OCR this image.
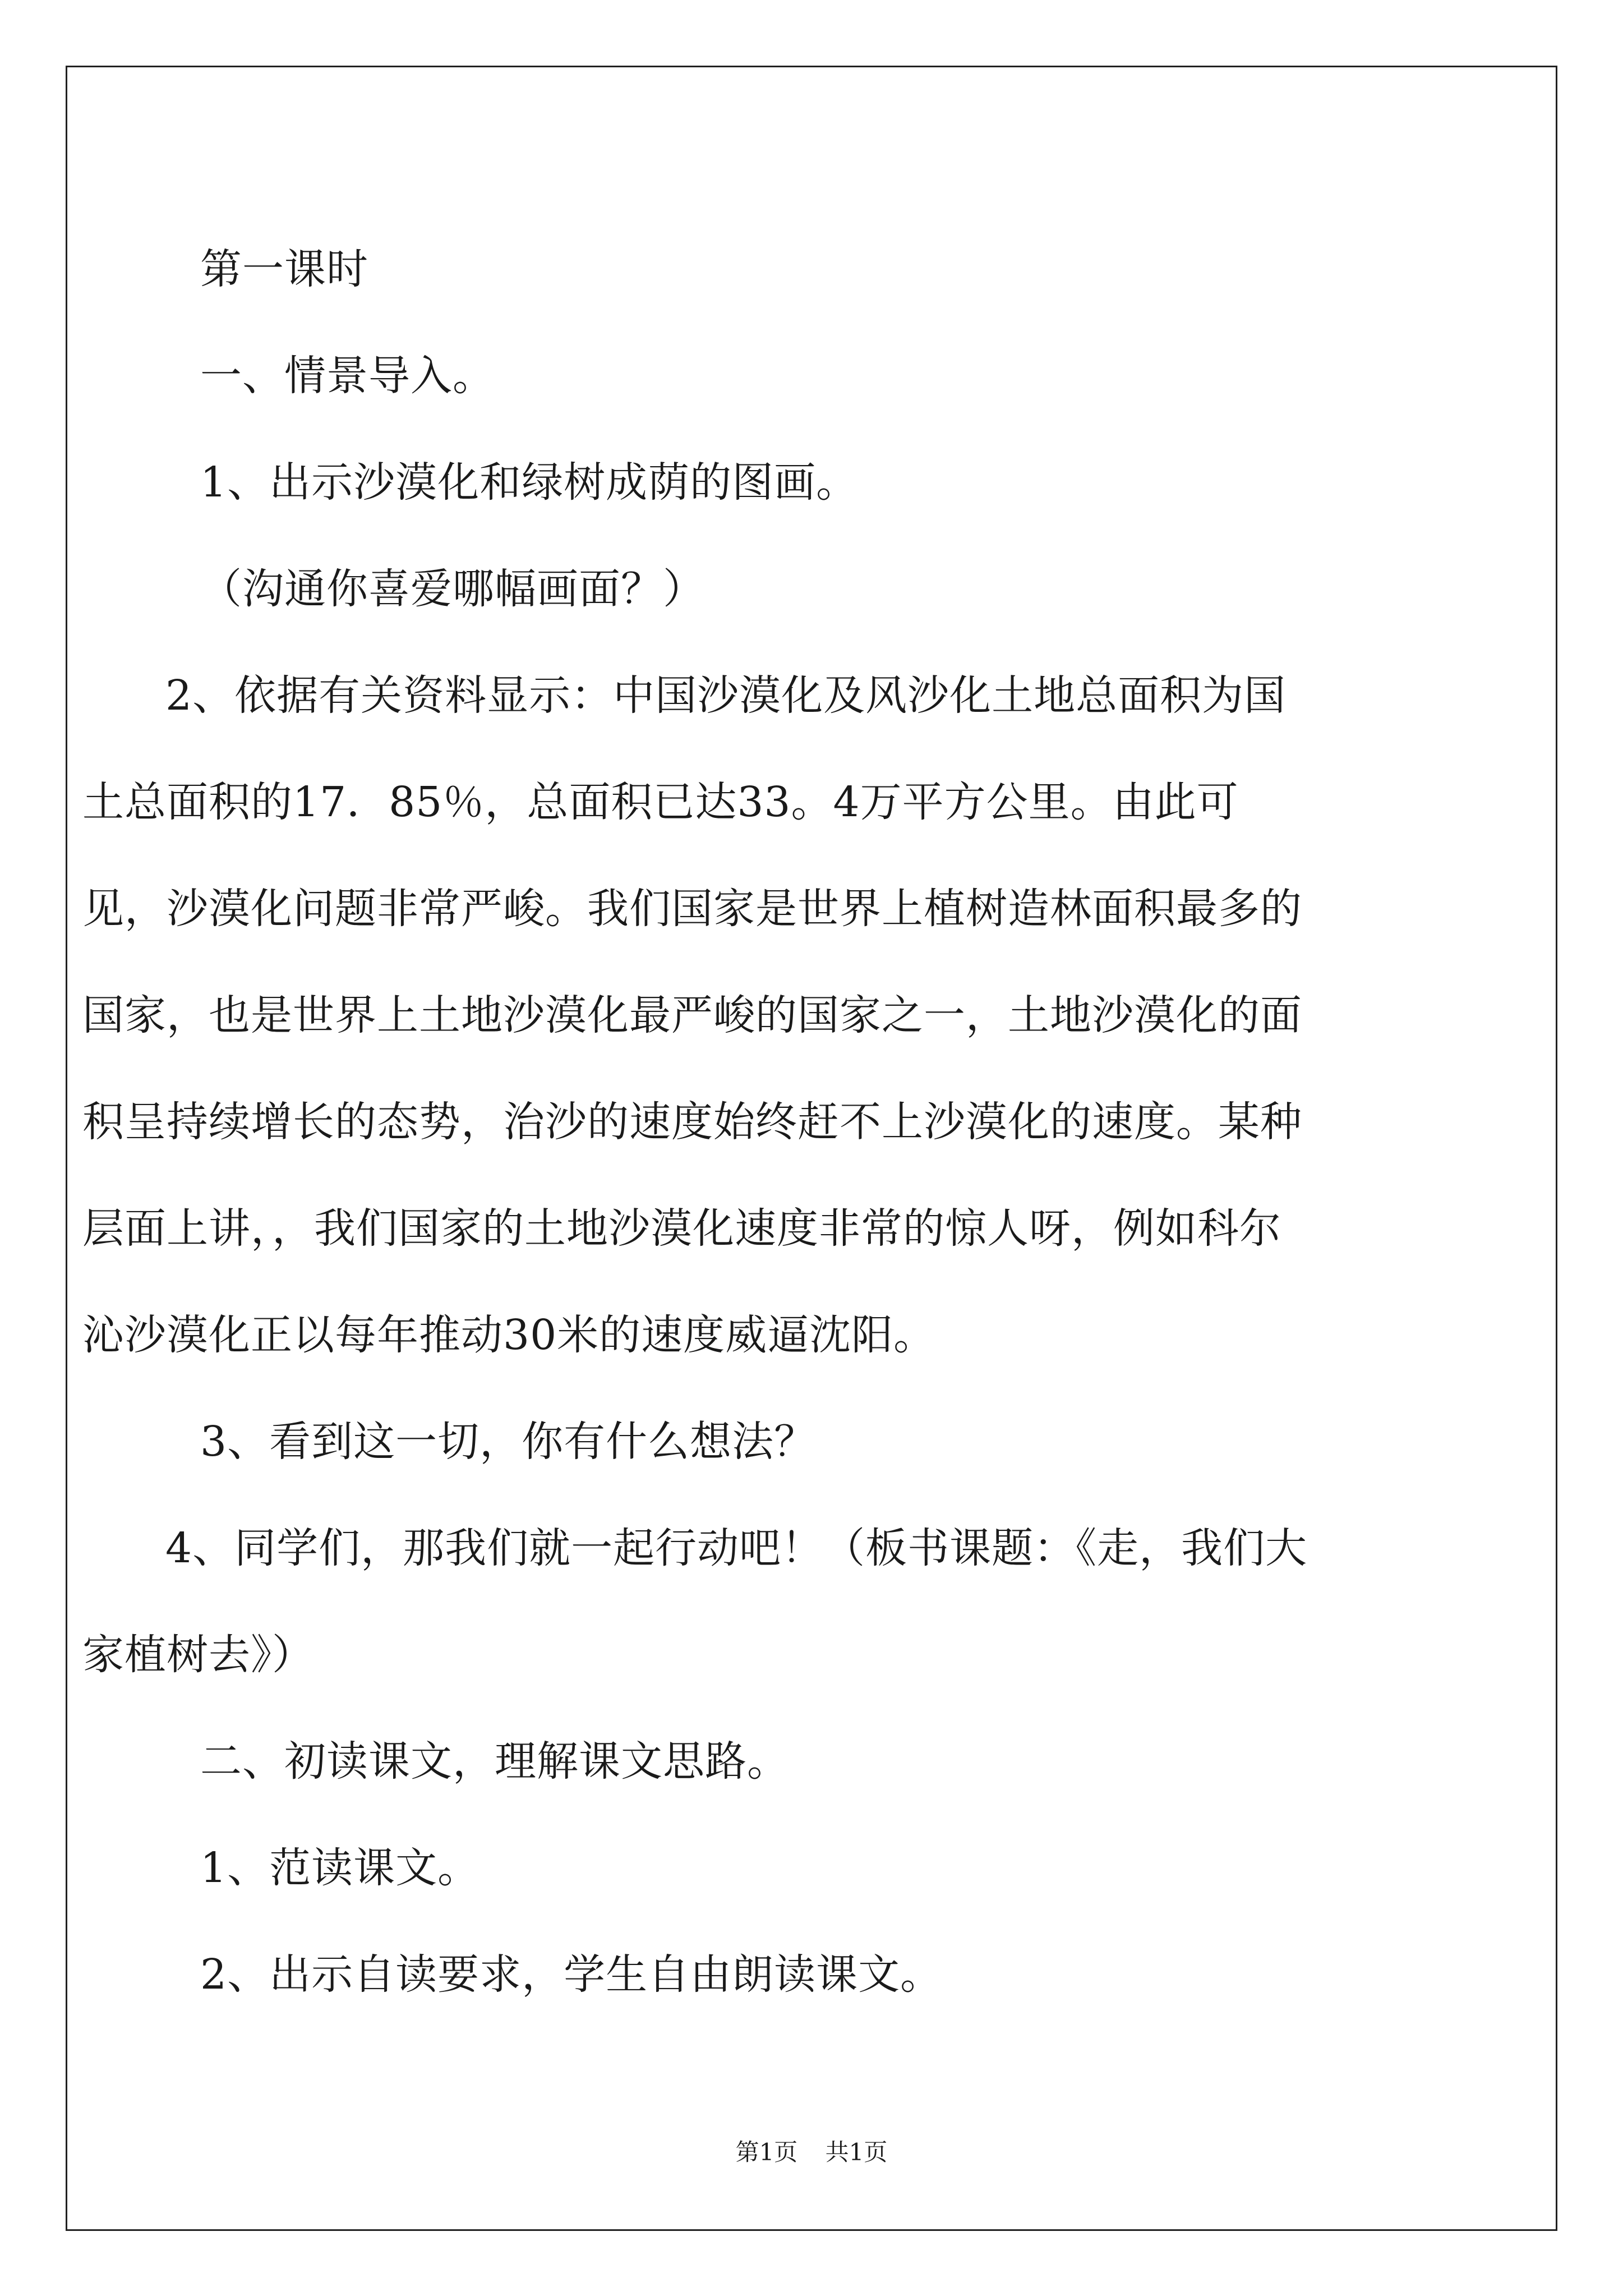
第一课时

一、情景导入。

1、出示沙漠化和绿树成荫的图画。

（沟通你喜爱哪幅画面？）

2、依据有关资料显示：中国沙漠化及风沙化土地总面积为国土总面积的17．85％，总面积已达33。4万平方公里。由此可见，沙漠化问题非常严峻。我们国家是世界上植树造林面积最多的国家，也是世界上土地沙漠化最严峻的国家之一，土地沙漠化的面积呈持续增长的态势，治沙的速度始终赶不上沙漠化的速度。某种层面上讲，，我们国家的土地沙漠化速度非常的惊人呀，例如科尔沁沙漠化正以每年推动30米的速度威逼沈阳。

3、看到这一切，你有什么想法？

4、同学们，那我们就一起行动吧！（板书课题：《走，我们大家植树去》）

二、初读课文，理解课文思路。

1、范读课文。

2、出示自读要求，学生自由朗读课文。

第1页 共1页
